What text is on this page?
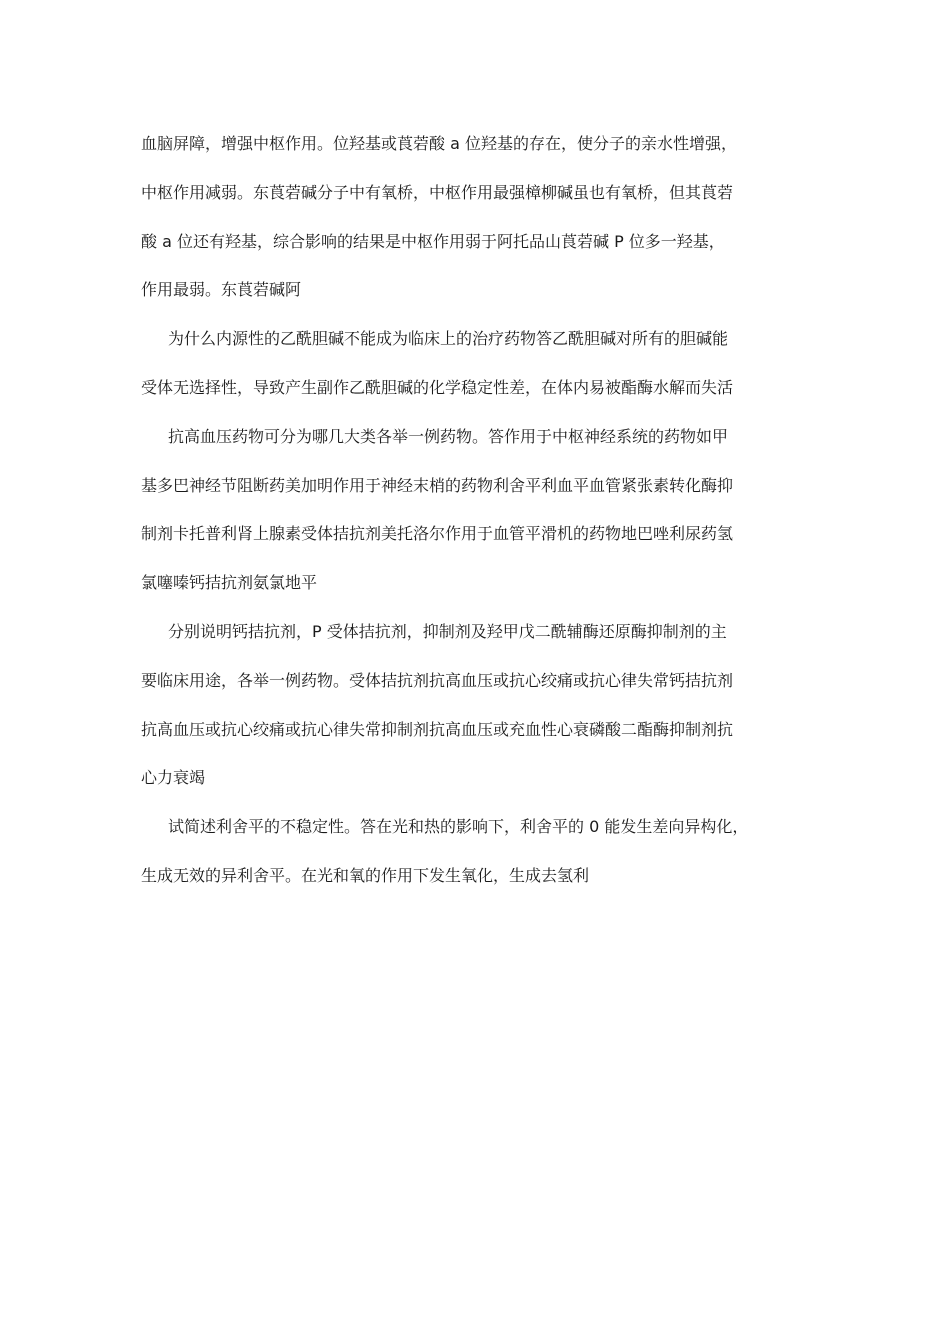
血脑屏障，增强中枢作用。位羟基或莨菪酸 a 位羟基的存在，使分子的亲水性增强，
中枢作用减弱。东莨菪碱分子中有氧桥，中枢作用最强樟柳碱虽也有氧桥，但其莨菪
酸 a 位还有羟基，综合影响的结果是中枢作用弱于阿托品山莨菪碱 P 位多一羟基，
作用最弱。东莨菪碱阿
为什么内源性的乙酰胆碱不能成为临床上的治疗药物答乙酰胆碱对所有的胆碱能
受体无选择性，导致产生副作乙酰胆碱的化学稳定性差，在体内易被酯酶水解而失活
抗高血压药物可分为哪几大类各举一例药物。答作用于中枢神经系统的药物如甲
基多巴神经节阻断药美加明作用于神经末梢的药物利舍平利血平血管紧张素转化酶抑
制剂卡托普利肾上腺素受体拮抗剂美托洛尔作用于血管平滑机的药物地巴唑利尿药氢
氯噻嗪钙拮抗剂氨氯地平
分别说明钙拮抗剂，P 受体拮抗剂，抑制剂及羟甲戊二酰辅酶还原酶抑制剂的主
要临床用途，各举一例药物。受体拮抗剂抗高血压或抗心绞痛或抗心律失常钙拮抗剂
抗高血压或抗心绞痛或抗心律失常抑制剂抗高血压或充血性心衰磷酸二酯酶抑制剂抗
心力衰竭
试简述利舍平的不稳定性。答在光和热的影响下，利舍平的 0 能发生差向异构化，
生成无效的异利舍平。在光和氧的作用下发生氧化，生成去氢利
